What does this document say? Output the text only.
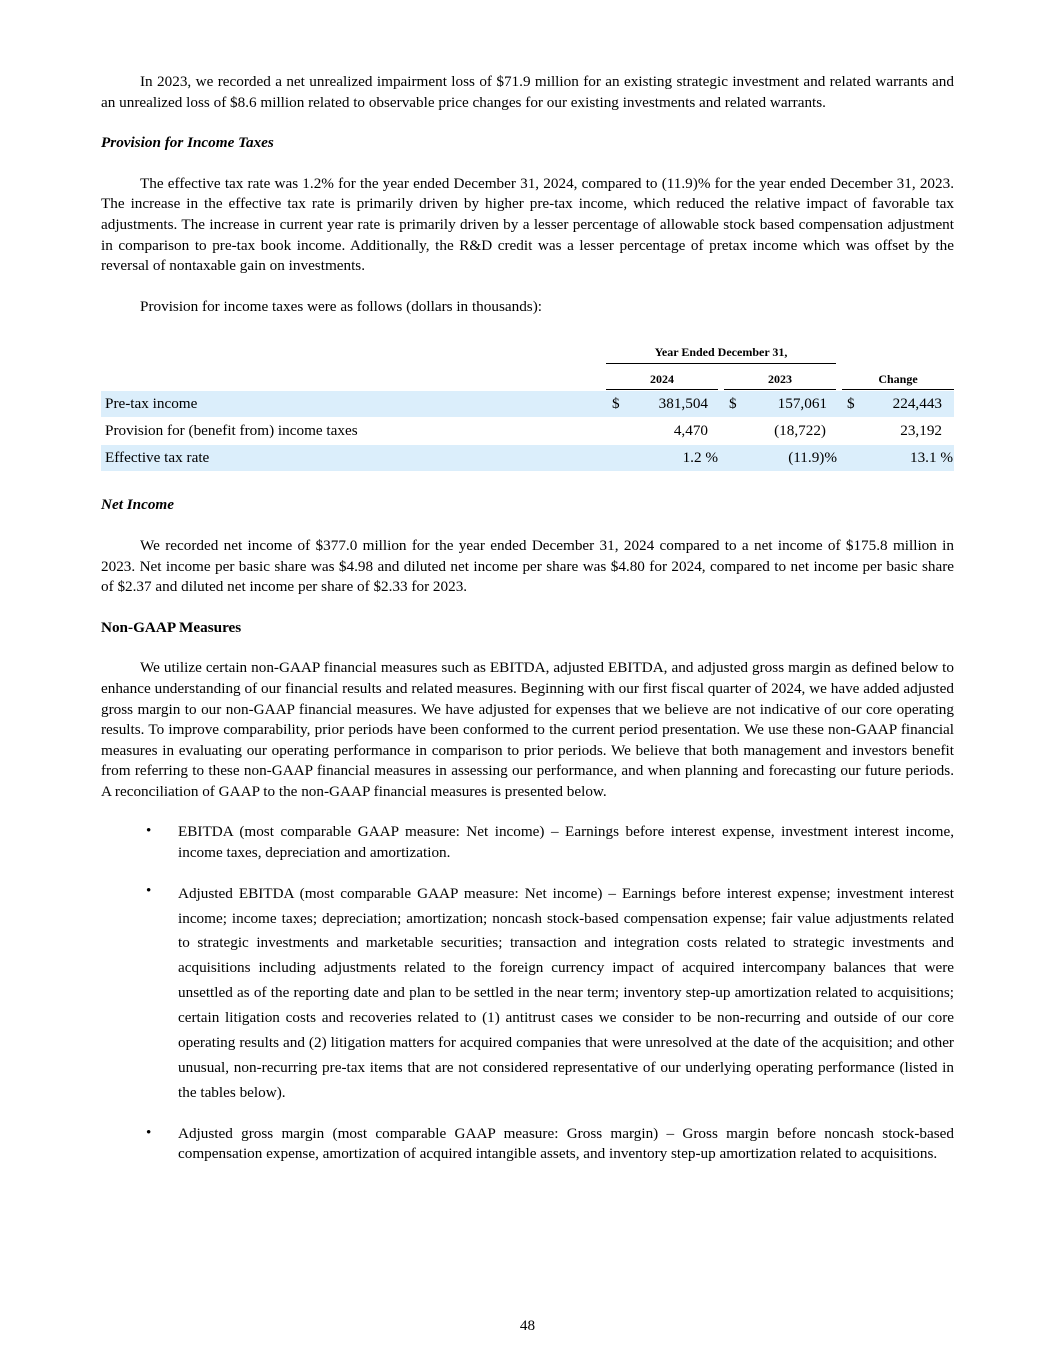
In 2023, we recorded a net unrealized impairment loss of $71.9 million for an existing strategic investment and related warrants and an unrealized loss of $8.6 million related to observable price changes for our existing investments and related warrants.

Provision for Income Taxes

The effective tax rate was 1.2% for the year ended December 31, 2024, compared to (11.9)% for the year ended December 31, 2023. The increase in the effective tax rate is primarily driven by higher pre-tax income, which reduced the relative impact of favorable tax adjustments. The increase in current year rate is primarily driven by a lesser percentage of allowable stock based compensation adjustment in comparison to pre-tax book income. Additionally, the R&D credit was a lesser percentage of pretax income which was offset by the reversal of nontaxable gain on investments.

Provision for income taxes were as follows (dollars in thousands):

Year Ended December 31,
2024	2023	Change
Pre-tax income	$	381,504 $	157,061 $	224,443
Provision for (benefit from) income taxes	4,470	(18,722)	23,192
Effective tax rate	1.2 %	(11.9)%	13.1 %
Net Income

We recorded net income of $377.0 million for the year ended December 31, 2024 compared to a net income of $175.8 million in 2023. Net income per basic share was $4.98 and diluted net income per share was $4.80 for 2024, compared to net income per basic share of $2.37 and diluted net income per share of $2.33 for 2023.

Non-GAAP Measures

We utilize certain non-GAAP financial measures such as EBITDA, adjusted EBITDA, and adjusted gross margin as defined below to enhance understanding of our financial results and related measures. Beginning with our first fiscal quarter of 2024, we have added adjusted gross margin to our non-GAAP financial measures. We have adjusted for expenses that we believe are not indicative of our core operating results. To improve comparability, prior periods have been conformed to the current period presentation. We use these non-GAAP financial measures in evaluating our operating performance in comparison to prior periods. We believe that both management and investors benefit from referring to these non-GAAP financial measures in assessing our performance, and when planning and forecasting our future periods. A reconciliation of GAAP to the non-GAAP financial measures is presented below.

• EBITDA (most comparable GAAP measure: Net income) – Earnings before interest expense, investment interest income, income taxes, depreciation and amortization.

• Adjusted EBITDA (most comparable GAAP measure: Net income) – Earnings before interest expense; investment interest income; income taxes; depreciation; amortization; noncash stock-based compensation expense; fair value adjustments related to strategic investments and marketable securities; transaction and integration costs related to strategic investments and acquisitions including adjustments related to the foreign currency impact of acquired intercompany balances that were unsettled as of the reporting date and plan to be settled in the near term; inventory step-up amortization related to acquisitions; certain litigation costs and recoveries related to (1) antitrust cases we consider to be non-recurring and outside of our core operating results and (2) litigation matters for acquired companies that were unresolved at the date of the acquisition; and other unusual, non-recurring pre-tax items that are not considered representative of our underlying operating performance (listed in the tables below).

• Adjusted gross margin (most comparable GAAP measure: Gross margin) – Gross margin before noncash stock-based compensation expense, amortization of acquired intangible assets, and inventory step-up amortization related to acquisitions.

48
